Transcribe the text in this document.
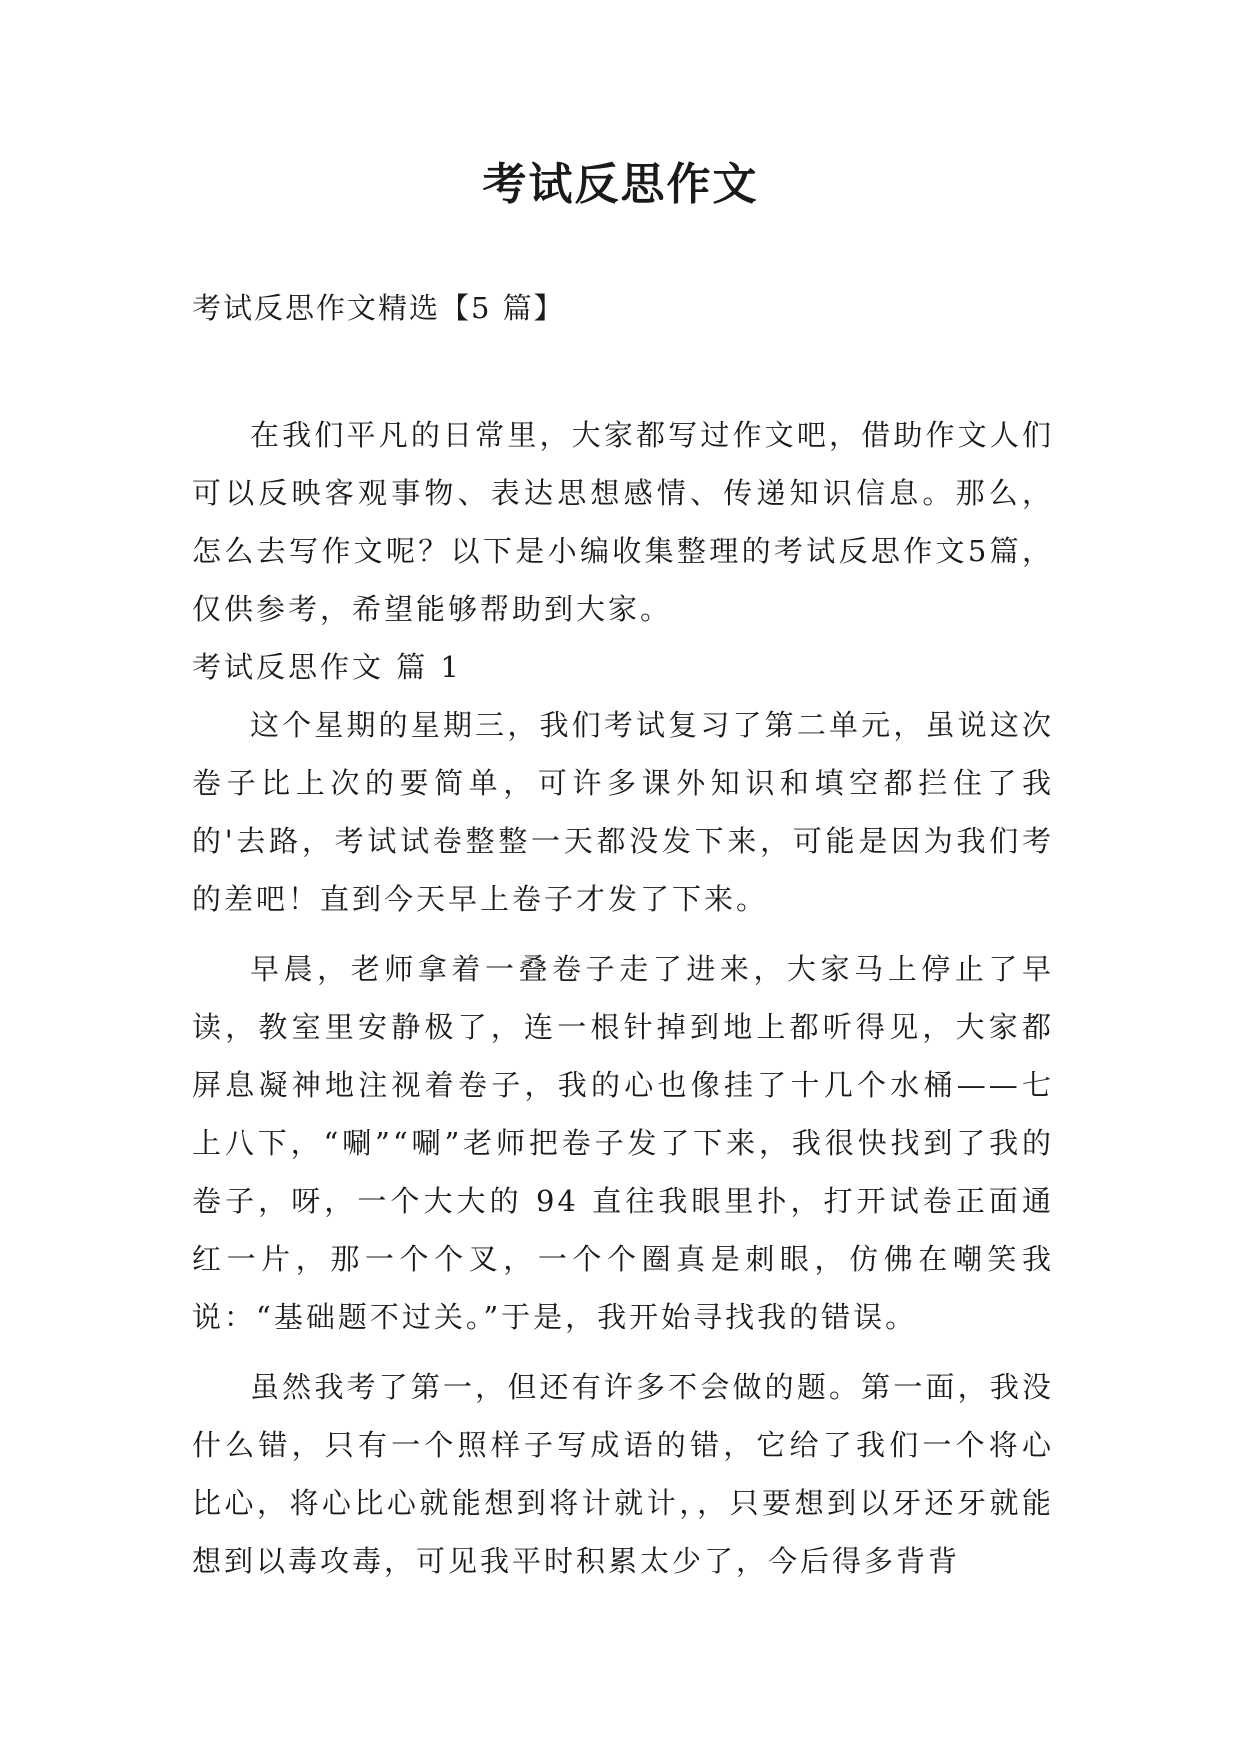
考试反思作文
考试反思作文精选【5 篇】

在我们平凡的日常里，大家都写过作文吧，借助作文人们可以反映客观事物、表达思想感情、传递知识信息。那么，怎么去写作文呢？以下是小编收集整理的考试反思作文5篇，仅供参考，希望能够帮助到大家。

考试反思作文 篇 1

这个星期的星期三，我们考试复习了第二单元，虽说这次卷子比上次的要简单，可许多课外知识和填空都拦住了我的'去路，考试试卷整整一天都没发下来，可能是因为我们考的差吧！直到今天早上卷子才发了下来。

早晨，老师拿着一叠卷子走了进来，大家马上停止了早读，教室里安静极了，连一根针掉到地上都听得见，大家都屏息凝神地注视着卷子，我的心也像挂了十几个水桶——七上八下，“唰”“唰”老师把卷子发了下来，我很快找到了我的卷子，呀，一个大大的 94 直往我眼里扑，打开试卷正面通红一片，那一个个叉，一个个圈真是刺眼，仿佛在嘲笑我说：“基础题不过关。”于是，我开始寻找我的错误。

虽然我考了第一，但还有许多不会做的题。第一面，我没什么错，只有一个照样子写成语的错，它给了我们一个将心比心，将心比心就能想到将计就计，，只要想到以牙还牙就能想到以毒攻毒，可见我平时积累太少了，今后得多背背
